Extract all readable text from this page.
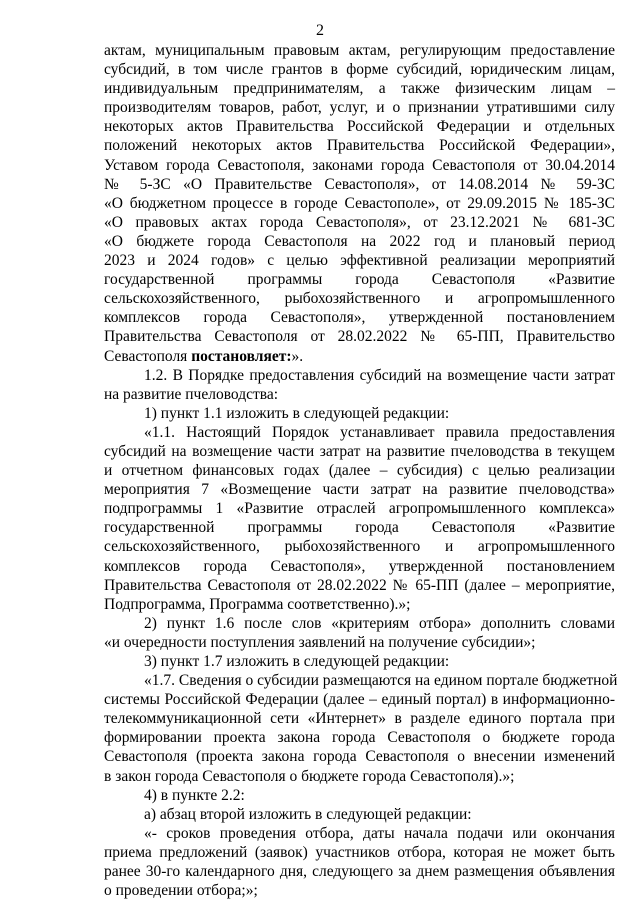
2
актам, муниципальным правовым актам, регулирующим предоставление
субсидий, в том числе грантов в форме субсидий, юридическим лицам,
индивидуальным предпринимателям, а также физическим лицам –
производителям товаров, работ, услуг, и о признании утратившими силу
некоторых актов Правительства Российской Федерации и отдельных
положений некоторых актов Правительства Российской Федерации»,
Уставом города Севастополя, законами города Севастополя от 30.04.2014
№ 5-ЗС «О Правительстве Севастополя», от 14.08.2014 № 59-ЗС
«О бюджетном процессе в городе Севастополе», от 29.09.2015 № 185-ЗС
«О правовых актах города Севастополя», от 23.12.2021 № 681-ЗС
«О бюджете города Севастополя на 2022 год и плановый период
2023 и 2024 годов» с целью эффективной реализации мероприятий
государственной программы города Севастополя «Развитие
сельскохозяйственного, рыбохозяйственного и агропромышленного
комплексов города Севастополя», утвержденной постановлением
Правительства Севастополя от 28.02.2022 № 65-ПП, Правительство
Севастополя постановляет:».
1.2. В Порядке предоставления субсидий на возмещение части затрат
на развитие пчеловодства:
1) пункт 1.1 изложить в следующей редакции:
«1.1. Настоящий Порядок устанавливает правила предоставления
субсидий на возмещение части затрат на развитие пчеловодства в текущем
и отчетном финансовых годах (далее – субсидия) с целью реализации
мероприятия 7 «Возмещение части затрат на развитие пчеловодства»
подпрограммы 1 «Развитие отраслей агропромышленного комплекса»
государственной программы города Севастополя «Развитие
сельскохозяйственного, рыбохозяйственного и агропромышленного
комплексов города Севастополя», утвержденной постановлением
Правительства Севастополя от 28.02.2022 № 65-ПП (далее – мероприятие,
Подпрограмма, Программа соответственно).»;
2) пункт 1.6 после слов «критериям отбора» дополнить словами
«и очередности поступления заявлений на получение субсидии»;
3) пункт 1.7 изложить в следующей редакции:
«1.7. Сведения о субсидии размещаются на едином портале бюджетной
системы Российской Федерации (далее – единый портал) в информационно-
телекоммуникационной сети «Интернет» в разделе единого портала при
формировании проекта закона города Севастополя о бюджете города
Севастополя (проекта закона города Севастополя о внесении изменений
в закон города Севастополя о бюджете города Севастополя).»;
4) в пункте 2.2:
а) абзац второй изложить в следующей редакции:
«- сроков проведения отбора, даты начала подачи или окончания
приема предложений (заявок) участников отбора, которая не может быть
ранее 30-го календарного дня, следующего за днем размещения объявления
о проведении отбора;»;
